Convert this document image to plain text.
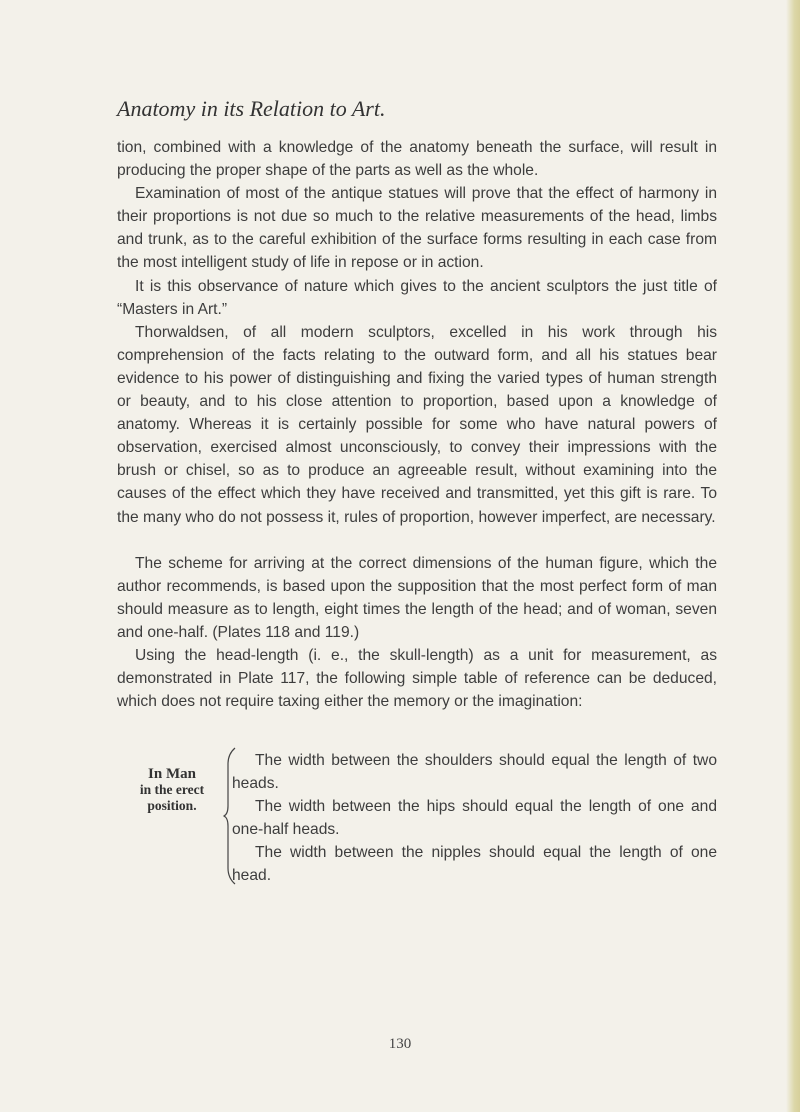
Anatomy in its Relation to Art.

tion, combined with a knowledge of the anatomy beneath the surface, will result in producing the proper shape of the parts as well as the whole.

Examination of most of the antique statues will prove that the effect of harmony in their proportions is not due so much to the relative measurements of the head, limbs and trunk, as to the careful exhibition of the surface forms resulting in each case from the most intelligent study of life in repose or in action.

It is this observance of nature which gives to the ancient sculptors the just title of “Masters in Art.”

Thorwaldsen, of all modern sculptors, excelled in his work through his comprehension of the facts relating to the outward form, and all his statues bear evidence to his power of distinguishing and fixing the varied types of human strength or beauty, and to his close attention to proportion, based upon a knowledge of anatomy. Whereas it is certainly possible for some who have natural powers of observation, exercised almost unconsciously, to convey their impressions with the brush or chisel, so as to produce an agreeable result, without examining into the causes of the effect which they have received and transmitted, yet this gift is rare. To the many who do not possess it, rules of proportion, however imperfect, are necessary.

The scheme for arriving at the correct dimensions of the human figure, which the author recommends, is based upon the supposition that the most perfect form of man should measure as to length, eight times the length of the head; and of woman, seven and one-half. (Plates 118 and 119.)

Using the head-length (i. e., the skull-length) as a unit for measurement, as demonstrated in Plate 117, the following simple table of reference can be deduced, which does not require taxing either the memory or the imagination:

In Man
in the erect
position.

The width between the shoulders should equal the length of two heads.

The width between the hips should equal the length of one and one-half heads.

The width between the nipples should equal the length of one head.

130
